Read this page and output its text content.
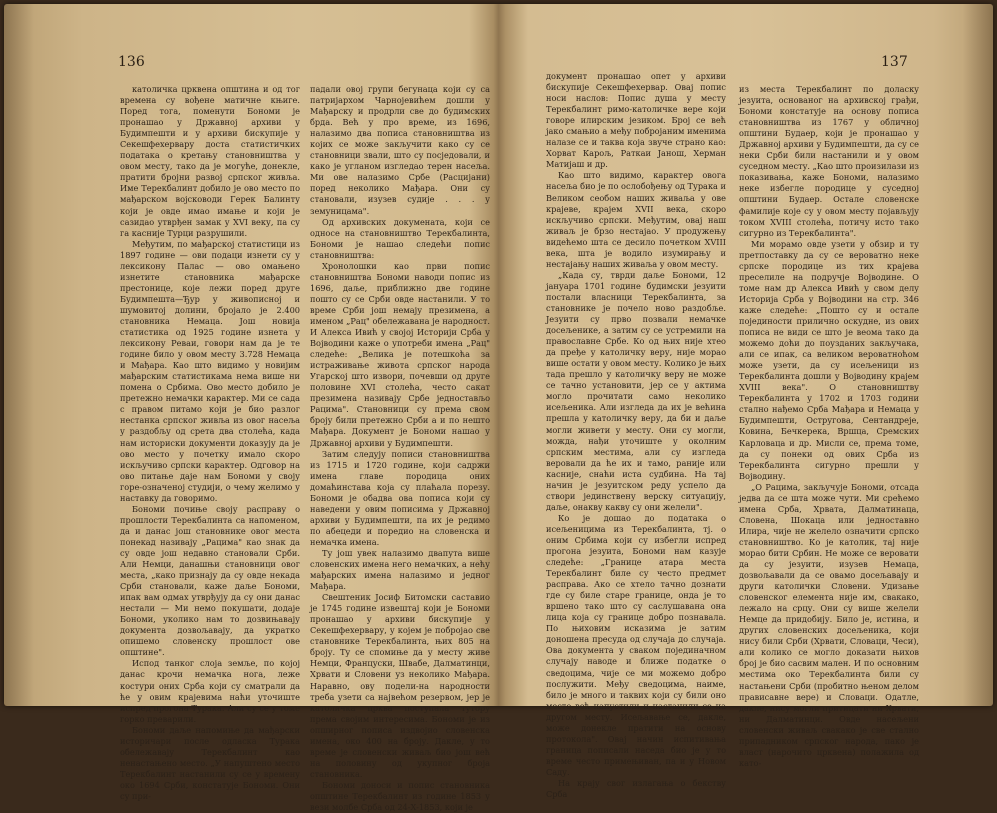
136

католичка црквена општина и од тог времена су вођене матичне књиге. Поред тога, поменути Бономи је пронашао у Државној архиви у Будимпешти и у архиви бискупије у Секешфехервару доста статистичких података о кретању становништва у овом месту, тако да је могуће, донекле, пратити бројни развој српског живља. Име Терекбалинт добило је ово место по мађарском војсководи Герек Балинту који је овде имао имање и који је сазидао утврђен замак у XVI веку, па су га касније Турци разрушили.

Међутим, по мађарској статистици из 1897 године — ови подаци изнети су у лексикону Палас — ово омањено изнетите становника мађарске престонице, које лежи поред друге Будимпешта—Ђур у живописној и шумовитој долини, бројало је 2.400 становника Немаца. Још новија статистика од 1925 године изнета у лексикону Реваи, говори нам да је те године било у овом месту 3.728 Немаца и Мађара. Као што видимо у новијим мађарским статистикама нема више ни помена о Србима. Ово место добило је претежно немачки карактер. Ми се сада с правом питамо који је био разлог нестанка српског живља из овог насеља у раздобљу од срета два столећа, када нам историски документи доказују да је ово место у почетку имало скоро искључиво српски карактер. Одговор на ово питање даје нам Бономи у своју горе-означеној студији, о чему желимо у наставку да говоримо.

Бономи почиње своју расправу о прошлости Терекбалинта са напоменом, да и данас још становнике овог места понекад називају „Рацима" као знак да су овде још недавно становали Срби. Али Немци, данашњи становници овог места, „како признају да су овде некада Срби становали, каже даље Бономи, ипак вам одмах утврђују да су они данас нестали — Ми немо покушати, додаје Бономи, уколико нам то дозвињавају документа дозвољавају, да укратко опишемо словенску прошлост ове општине".

Испод танког слоја земље, по којој данас крочи немачка нога, леже костури оних Срба који су сматрали да ће у овим крајевима наћи уточиште испред прогона Турака. Али су се у томе горко преварили.

Бономи даље напомиње да мађарски историчари после одласка Турака обележавају Терекбалинт као ненастањено место. „У напуштено место Терекбалинт настанили су се у времену око 1694 Срби, констатује Бономи. Они су при-

падали овој групи бегунаца који су са патријархом Чарнојевићем дошли у Мађарску и продрли све до будимских брда. Већ у про време, из 1696, налазимо два пописа становништва из којих се може закључити како су се становници звали, што су посједовали, и како је угланом изгледао терен насеља. Ми ове налазимо Србе (Расцијани) поред неколико Мађара. Они су становали, изузев судије . . . у земуницама".

Од архивских докумената, који се односе на становништво Терекбалинта, Бономи је нашао следећи попис становништва:

Хронолошки као први попис становништва Бономи наводи попис из 1696, даље, приближно две године пошто су се Срби овде настанили. У то време Срби још немају презимена, а именом „Рац" обележавана је народност. И Алекса Ивић у својој Историји Срба у Војводини каже о употреби имена „Рац" следеће: „Велика је потешкоћа за истраживање живота српског народа Угарској што извори, почевши од друге половине XVI столећа, често сакат презимена називају Србе једностављо Рацима". Становници су према свом броју били претежно Срби а и по нешто Мађара. Документ је Бономи нашао у Државној архиви у Будимпешти.

Затим следују пописи становништва из 1715 и 1720 године, који садржи имена главе породица оних домаћинстава која су плаћала порезу. Бономи је обадва ова пописа који су наведени у овим пописима у Државној архиви у Будимпешти, па их је редимо по абецеди и поредио на словенска и немачка имена.

Ту још увек налазимо двапута више словенских имена него немачких, а нећу мађарских имена налазимо и једног Мађара.

Свештеник Јосиф Битомски саставио је 1745 године извештај који је Бономи пронашао у архиви бискупије у Секешфехервару, у којем је побројао све становнике Терекбалинта, њих 805 на броју. Ту се спомиње да у месту живе Немци, Француски, Швабе, Далматинци, Хрвати и Словени уз неколико Мађара. Наравно, ову подели-на народности треба узети са највећом резервом, јер је католичка црква поступала тутору према својим интересима. Бономи је из опширног пописа издвојио словенска имена, око 400 на броју. Дакле, у то време је словенски живаљ био још већ на половину од укупног броја становника.

Бономи доноси и попис становника општине Терекбалинт из године 1853 у вези молбе Срба од 24-X-1853, који је

137

документ пронашао опет у архиви бискупије Секешфехервар. Овај попис носи наслов: Попис душа у месту Терекбалинт римо-католичке вере који говоре илирским језиком. Број се већ јако смањио а међу побројаним именима налазе се и таква која звуче страно као: Хорват Карољ, Раткаи Јанош, Херман Матијаш и др.

Као што видимо, карактер овога насеља био је по ослобођењу од Турака и Великом сеобом наших живаља у ове крајеве, крајем XVII века, скоро искључиво српски. Међутим, овај наш живаљ је брзо нестајао. У продужењу видећемо шта се десило почетком XVIII века, шта је водило изумирању и нестајању наших живаља у овом месту.

„Када су, тврди даље Бономи, 12 јануара 1701 године будимски језуити постали власници Терекбалинта, за становнике је почело ново раздобље. Језуити су прво позвали немачке досељенике, а затим су се устремили на православне Србе. Ко од њих није хтео да пређе у католичку веру, није морао више остати у овом месту. Колико је њих тада прешло у католичку веру не може се тачно установити, јер се у актима могло прочитати само неколико исељеника. Али изгледа да их је већина прешла у католичку веру, да би и даље могли живети у месту. Они су могли, можда, нађи уточиште у околним српским местима, али су изгледа веровали да ће их и тамо, раније или касније, снаћи иста судбина. На тај начин је језуитском реду успело да створи јединствену верску ситуацију, даље, онакву какву су они желели".

Ко је дошао до података о исељеницима из Терекбалинта, тј. о оним Србима који су избегли испред прогона језуита, Бономи нам казује следеће: „Границе атара места Терекбалинт биле су често предмет расправа. Ако се хтело тачно дознати где су биле старе границе, онда је то вршено тако што су саслушавана она лица која су границе добро познавала. По њиховим исказима је затим доношена пресуда од случаја до случаја. Ова документа у сваком појединачном случају наводе и ближе податке о сведоцима, чије се ми можемо добро послужити. Међу сведоцима, наиме, било је много и таквих који су били оно место већ напустили и настанили се на другом месту. Исељавање се, дакле, може донекле пратити на основу протокола". Овај начин испитивања граница пописали наседа био је у то време често примењиван, па и у Новом Саду.

На крају свог излагања о бекству Срба

из места Терекбалинт по доласку језуита, основаног на архивској грађи, Бономи констатује на основу пописа становништва из 1767 у обличној општини Будаер, који је пронашао у Државној архиви у Будимпешти, да су се неки Срби били настанили и у овом суседном месту. „Као што произилази из показивања, каже Бономи, налазимо неке избегле породице у суседној општини Будаер. Остале словенске фамилије које су у овом месту појављују током XVIII столећа, потичу исто тако сигурно из Терекбалинта".

Ми морамо овде узети у обзир и ту претпоставку да су се вероватно неке српске породице из тих крајева преселиле на подручје Војводине. О томе нам др Алекса Ивић у свом делу Историја Срба у Војводини на стр. 346 каже следеће: „Пошто су и остале појединости прилично оскудне, из ових пописа не види се што је веома тако да можемо доћи до поузданих закључака, али се ипак, са великом вероватноћом може узети, да су исељеници из Терекбалинта дошли у Војводину крајем XVIII века". О становништву Терекбалинта у 1702 и 1703 години стално нађемо Срба Мађара и Немаца у Будимпешти, Остругова, Сентандреје, Ковина, Бечкерека, Вршца, Сремских Карловаца и др. Мисли се, према томе, да су понеки од ових Срба из Терекбалинта сигурно прешли у Војводину.

„О Рацима, закључује Бономи, отсада једва да се шта може чути. Ми срећемо имена Срба, Хрвата, Далматинаца, Словена, Шокаца или једноставно Илира, чије не желело означити српско становништво. Ко је католик, тај није морао бити Србин. Не може се веровати да су језуити, изузев Немаца, дозвољавали да се овамо досељавају и други католички Словени. Удизање словенског елемента није им, свакако, лежало на срцу. Они су више желели Немце да придобију. Било је, истина, и других словенских досељеника, који нису били Срби (Хрвати, Словаци, Чеси), али колико се могло доказати њихов број је био сасвим мален. И по основним местима око Терекбалинта били су настањени Срби (пробитно њеном делом прависавне вере) и Словаци. Одатле, дакле, нису могли притицати ни Хрвати, ни Далматинци. Овде насељени словенски живаљ свакако је све стално припадником српског народа, пако је власт (нарочито црквена) полажила од като-
